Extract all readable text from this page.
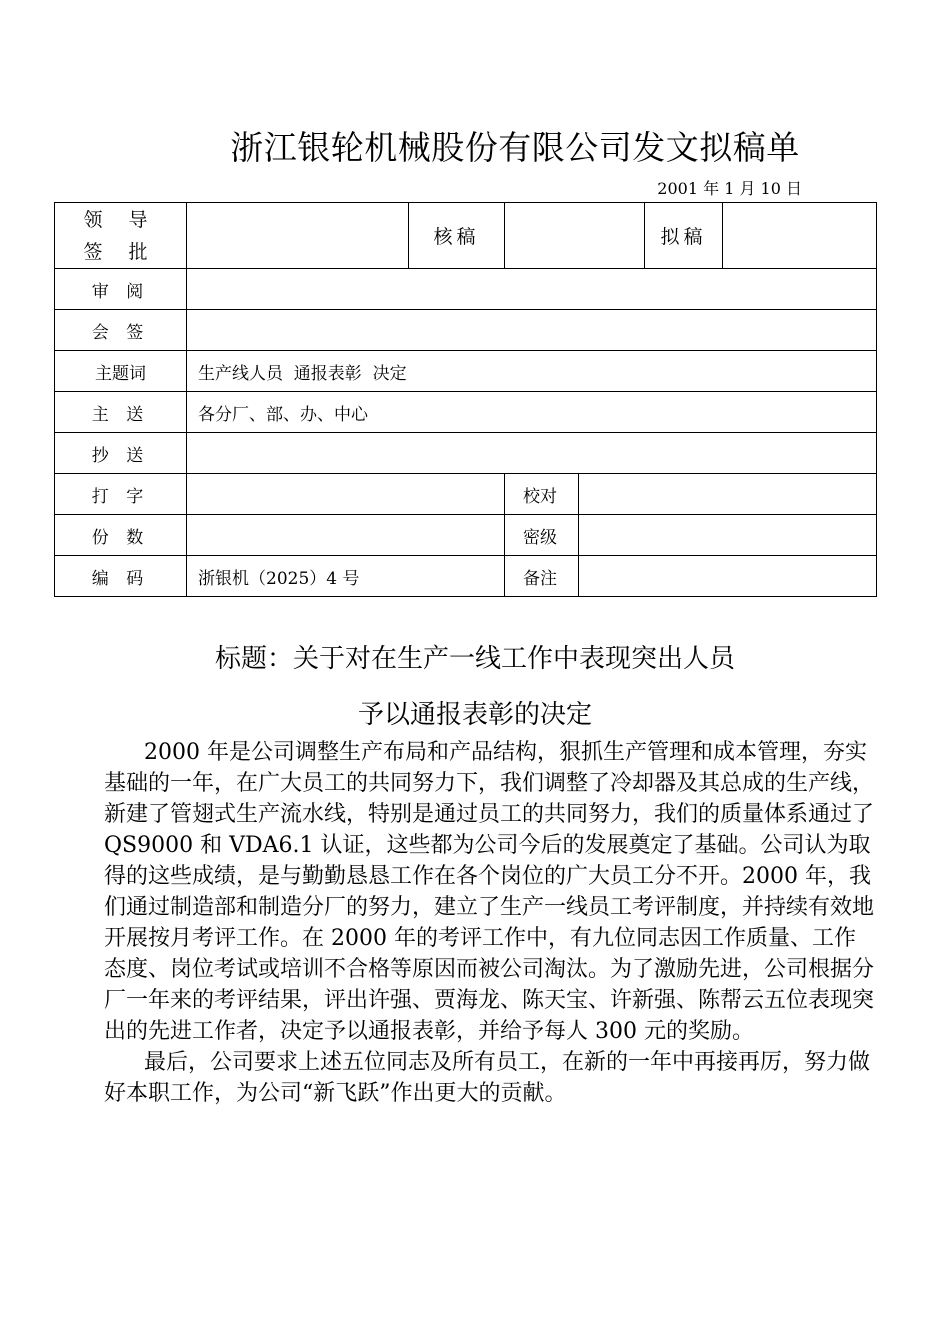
浙江银轮机械股份有限公司发文拟稿单
2001 年 1 月 10 日
领 导
签 批		核稿			拟稿	
审 阅						
会 签						
主题词	生产线人员  通报表彰  决定					
主 送	各分厂、部、办、中心					
抄 送						
打 字			校对			
份 数			密级			
编 码	浙银机（2025）4 号		备注			
标题：关于对在生产一线工作中表现突出人员
予以通报表彰的决定

2000 年是公司调整生产布局和产品结构，狠抓生产管理和成本管理，夯实基础的一年，在广大员工的共同努力下，我们调整了冷却器及其总成的生产线，新建了管翅式生产流水线，特别是通过员工的共同努力，我们的质量体系通过了 QS9000 和 VDA6.1 认证，这些都为公司今后的发展奠定了基础。公司认为取得的这些成绩，是与勤勤恳恳工作在各个岗位的广大员工分不开。2000 年，我们通过制造部和制造分厂的努力，建立了生产一线员工考评制度，并持续有效地开展按月考评工作。在 2000 年的考评工作中，有九位同志因工作质量、工作态度、岗位考试或培训不合格等原因而被公司淘汰。为了激励先进，公司根据分厂一年来的考评结果，评出许强、贾海龙、陈天宝、许新强、陈帮云五位表现突出的先进工作者，决定予以通报表彰，并给予每人 300 元的奖励。

最后，公司要求上述五位同志及所有员工，在新的一年中再接再厉，努力做好本职工作，为公司“新飞跃”作出更大的贡献。
